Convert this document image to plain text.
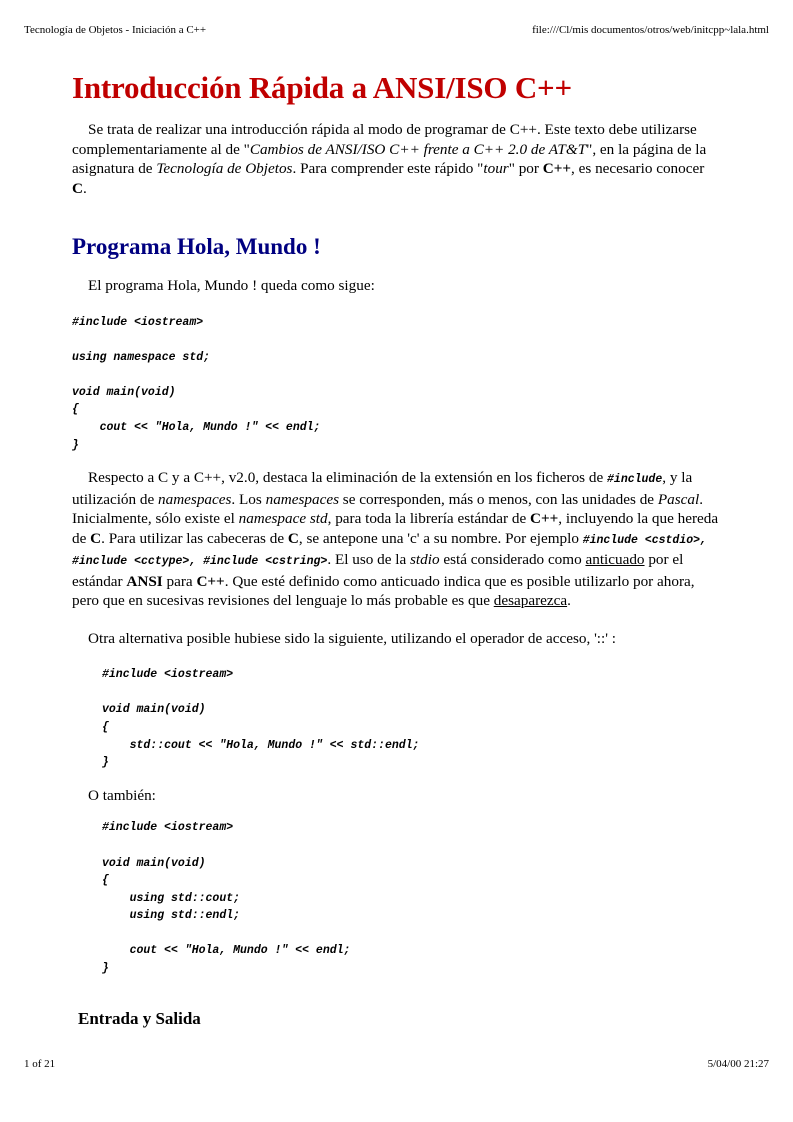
Tecnología de Objetos - Iniciación a C++	file:///Cl/mis documentos/otros/web/initcpp~lala.html
Introducción Rápida a ANSI/ISO C++

Se trata de realizar una introducción rápida al modo de programar de C++. Este texto debe utilizarse complementariamente al de "Cambios de ANSI/ISO C++ frente a C++ 2.0 de AT&T", en la página de la asignatura de Tecnología de Objetos. Para comprender este rápido "tour" por C++, es necesario conocer C.

Programa Hola, Mundo !

El programa Hola, Mundo ! queda como sigue:

#include <iostream>

using namespace std;

void main(void)
{
cout << "Hola, Mundo !" << endl;
}

Respecto a C y a C++, v2.0, destaca la eliminación de la extensión en los ficheros de #include, y la utilización de namespaces. Los namespaces se corresponden, más o menos, con las unidades de Pascal. Inicialmente, sólo existe el namespace std, para toda la librería estándar de C++, incluyendo la que hereda de C. Para utilizar las cabeceras de C, se antepone una 'c' a su nombre. Por ejemplo #include <cstdio>, #include <cctype>, #include <cstring>. El uso de la stdio está considerado como anticuado por el estándar ANSI para C++. Que esté definido como anticuado indica que es posible utilizarlo por ahora, pero que en sucesivas revisiones del lenguaje lo más probable es que desaparezca.

Otra alternativa posible hubiese sido la siguiente, utilizando el operador de acceso, '::' :

#include <iostream>

void main(void)
{
std::cout << "Hola, Mundo !" << std::endl;
}

O también:

#include <iostream>

void main(void)
{
using std::cout;
using std::endl;

cout << "Hola, Mundo !" << endl;
}
Entrada y Salida
1 of 21	5/04/00 21:27
